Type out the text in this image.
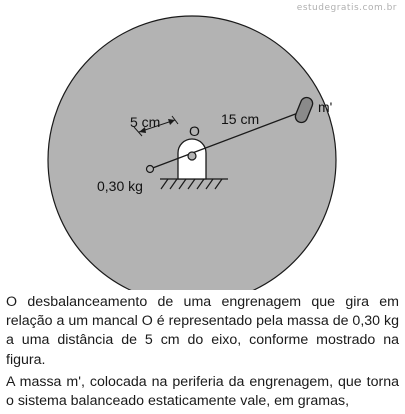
estudegratis.com.br
5 cm
O
15 cm
m'
0,30 kg

O desbalanceamento de uma engrenagem que gira em relação a um mancal O é representado pela massa de 0,30 kg a uma distância de 5 cm do eixo, conforme mostrado na figura.

A massa m', colocada na periferia da engrenagem, que torna o sistema balanceado estaticamente vale, em gramas,
